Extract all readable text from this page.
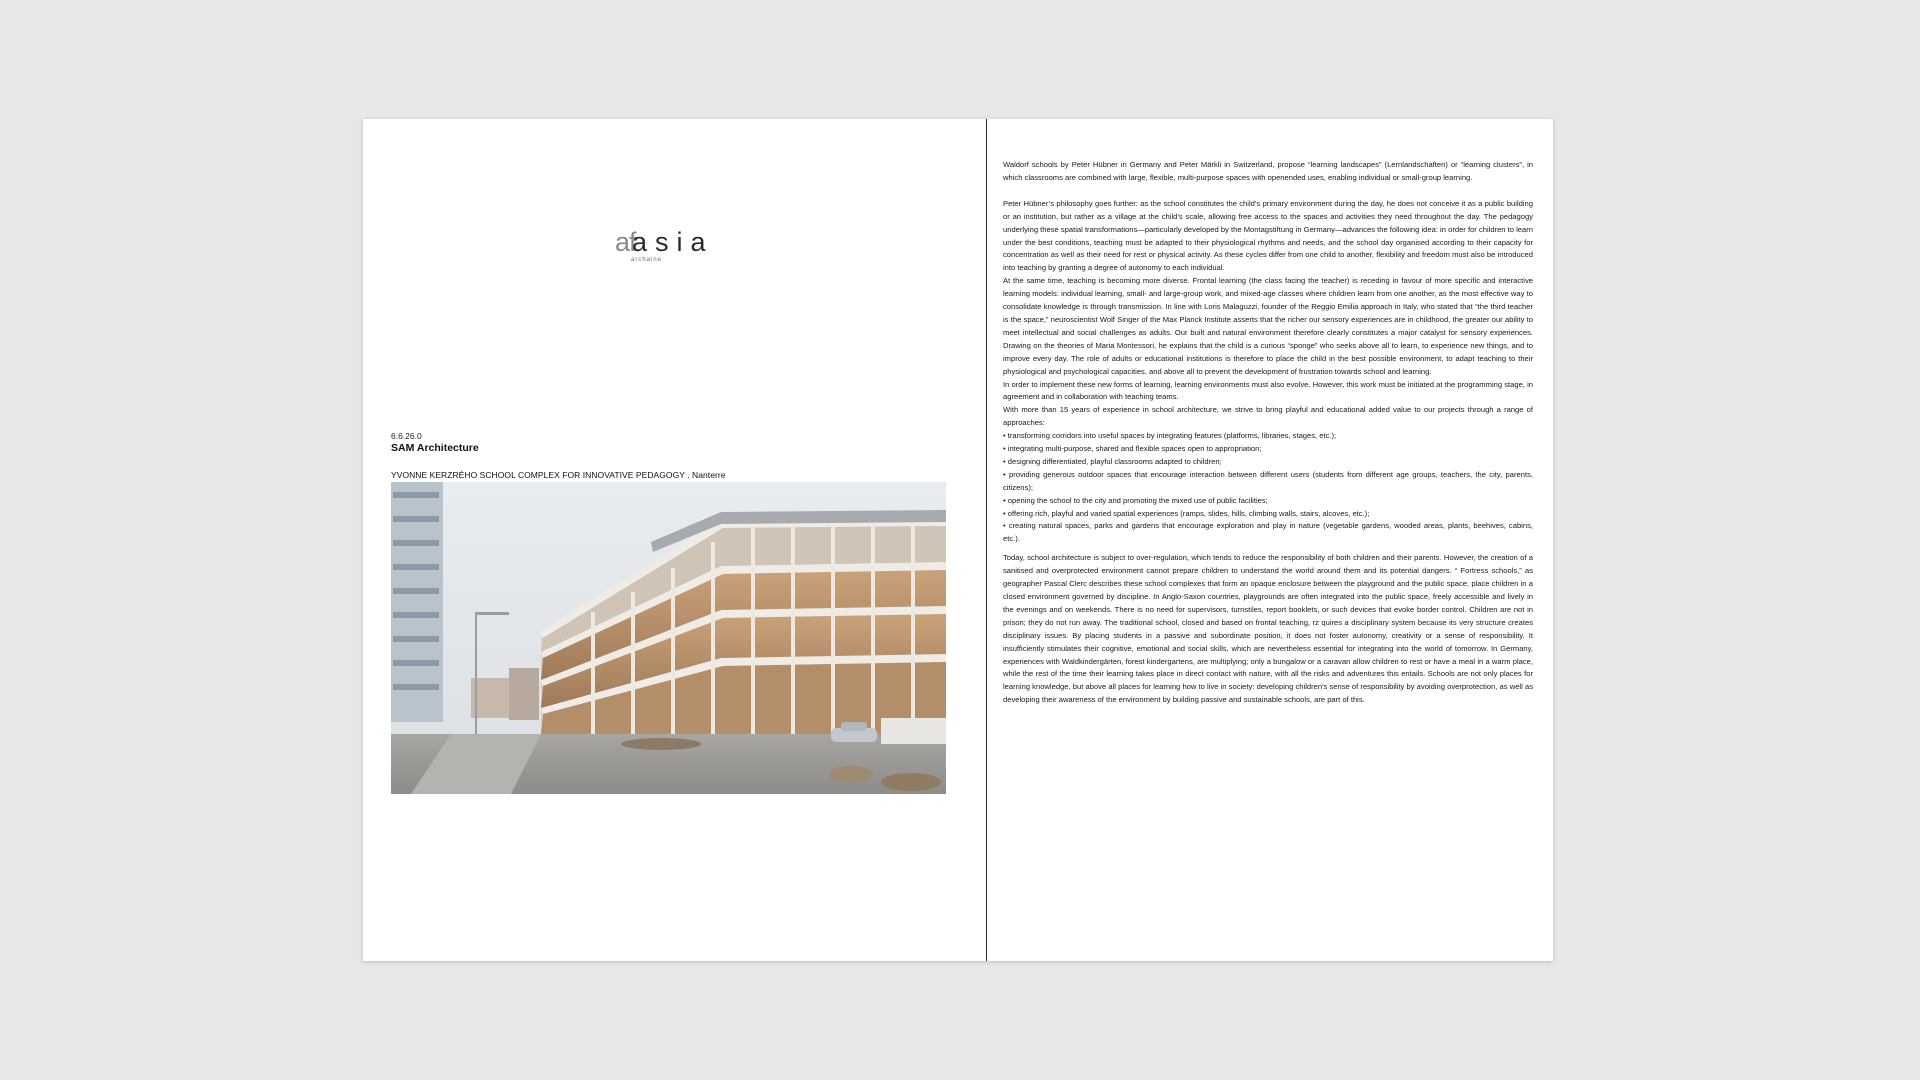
af
asia
archaine
6.6.26.0
SAM Architecture
YVONNE KERZRÉHO SCHOOL COMPLEX FOR INNOVATIVE PEDAGOGY . Nanterre

Waldorf schools by Peter Hübner in Germany and Peter Märkli in Switzerland, propose “learning landscapes” (Lernlandschaften) or “learning clusters”, in which classrooms are combined with large, flexible, multi-purpose spaces with openended uses, enabling individual or small-group learning.

Peter Hübner’s philosophy goes further: as the school constitutes the child’s primary environment during the day, he does not conceive it as a public building or an institution, but rather as a village at the child’s scale, allowing free access to the spaces and activities they need throughout the day. The pedagogy underlying these spatial transformations—particularly developed by the Montagstiftung in Germany—advances the following idea: in order for children to learn under the best conditions, teaching must be adapted to their physiological rhythms and needs, and the school day organised according to their capacity for concentration as well as their need for rest or physical activity. As these cycles differ from one child to another, flexibility and freedom must also be introduced into teaching by granting a degree of autonomy to each individual.

At the same time, teaching is becoming more diverse. Frontal learning (the class facing the teacher) is receding in favour of more specific and interactive learning models: individual learning, small- and large-group work, and mixed-age classes where children learn from one another, as the most effective way to consolidate knowledge is through transmission. In line with Loris Malaguzzi, founder of the Reggio Emilia approach in Italy, who stated that “the third teacher is the space,” neuroscientist Wolf Singer of the Max Planck Institute asserts that the richer our sensory experiences are in childhood, the greater our ability to meet intellectual and social challenges as adults. Our built and natural environment therefore clearly constitutes a major catalyst for sensory experiences. Drawing on the theories of Maria Montessori, he explains that the child is a curious “sponge” who seeks above all to learn, to experience new things, and to improve every day. The role of adults or educational institutions is therefore to place the child in the best possible environment, to adapt teaching to their physiological and psychological capacities, and above all to prevent the development of frustration towards school and learning.

In order to implement these new forms of learning, learning environments must also evolve. However, this work must be initiated at the programming stage, in agreement and in collaboration with teaching teams.

With more than 15 years of experience in school architecture, we strive to bring playful and educational added value to our projects through a range of approaches:

• transforming corridors into useful spaces by integrating features (platforms, libraries, stages, etc.);

• integrating multi-purpose, shared and flexible spaces open to appropriation;

• designing differentiated, playful classrooms adapted to children;

• providing generous outdoor spaces that encourage interaction between different users (students from different age groups, teachers, the city, parents, citizens);

• opening the school to the city and promoting the mixed use of public facilities;

• offering rich, playful and varied spatial experiences (ramps, slides, hills, climbing walls, stairs, alcoves, etc.);

• creating natural spaces, parks and gardens that encourage exploration and play in nature (vegetable gardens, wooded areas, plants, beehives, cabins, etc.).

Today, school architecture is subject to over-regulation, which tends to reduce the responsibility of both children and their parents. However, the creation of a sanitised and overprotected environment cannot prepare children to understand the world around them and its potential dangers. “ Fortress schools,” as geographer Pascal Clerc describes these school complexes that form an opaque enclosure between the playground and the public space, place children in a closed environment governed by discipline. In Anglo-Saxon countries, playgrounds are often integrated into the public space, freely accessible and lively in the evenings and on weekends. There is no need for supervisors, turnstiles, report booklets, or such devices that evoke border control. Children are not in prison; they do not run away. The traditional school, closed and based on frontal teaching, rz quires a disciplinary system because its very structure creates disciplinary issues. By placing students in a passive and subordinate position, it does not foster autonomy, creativity or a sense of responsibility. It insufficiently stimulates their cognitive, emotional and social skills, which are nevertheless essential for integrating into the world of tomorrow. In Germany, experiences with Waldkindergärten, forest kindergartens, are multiplying; only a bungalow or a caravan allow children to rest or have a meal in a warm place, while the rest of the time their learning takes place in direct contact with nature, with all the risks and adventures this entails. Schools are not only places for learning knowledge, but above all places for learning how to live in society: developing children's sense of responsibility by avoiding overprotection, as well as developing their awareness of the environment by building passive and sustainable schools, are part of this.
